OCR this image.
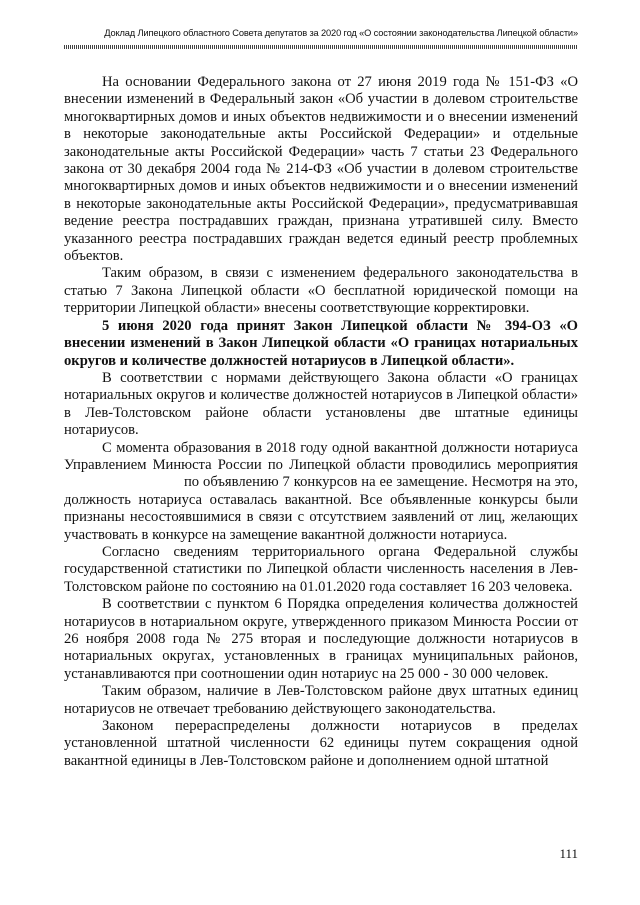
Доклад Липецкого областного Совета депутатов за 2020 год «О состоянии законодательства Липецкой области»

На основании Федерального закона от 27 июня 2019 года № 151-ФЗ «О внесении изменений в Федеральный закон «Об участии в долевом строительстве многоквартирных домов и иных объектов недвижимости и о внесении изменений в некоторые законодательные акты Российской Федерации» и отдельные законодательные акты Российской Федерации» часть 7 статьи 23 Федерального закона от 30 декабря 2004 года № 214-ФЗ «Об участии в долевом строительстве многоквартирных домов и иных объектов недвижимости и о внесении изменений в некоторые законодательные акты Российской Федерации», предусматривавшая ведение реестра пострадавших граждан, признана утратившей силу. Вместо указанного реестра пострадавших граждан ведется единый реестр проблемных объектов.

Таким образом, в связи с изменением федерального законодательства в статью 7 Закона Липецкой области «О бесплатной юридической помощи на территории Липецкой области» внесены соответствующие корректировки.

5 июня 2020 года принят Закон Липецкой области № 394-ОЗ «О внесении изменений в Закон Липецкой области «О границах нотариальных округов и количестве должностей нотариусов в Липецкой области».

В соответствии с нормами действующего Закона области «О границах нотариальных округов и количестве должностей нотариусов в Липецкой области» в Лев-Толстовском районе области установлены две штатные единицы нотариусов.

С момента образования в 2018 году одной вакантной должности нотариуса Управлением Минюста России по Липецкой области проводились мероприятияпо объявлению 7 конкурсов на ее замещение. Несмотря на это, должность нотариуса оставалась вакантной. Все объявленные конкурсы были признаны несостоявшимися в связи с отсутствием заявлений от лиц, желающих участвовать в конкурсе на замещение вакантной должности нотариуса.

Согласно сведениям территориального органа Федеральной службы государственной статистики по Липецкой области численность населения в Лев-Толстовском районе по состоянию на 01.01.2020 года составляет 16 203 человека.

В соответствии с пунктом 6 Порядка определения количества должностей нотариусов в нотариальном округе, утвержденного приказом Минюста России от 26 ноября 2008 года № 275 вторая и последующие должности нотариусов в нотариальных округах, установленных в границах муниципальных районов, устанавливаются при соотношении один нотариус на 25 000 - 30 000 человек.

Таким образом, наличие в Лев-Толстовском районе двух штатных единиц нотариусов не отвечает требованию действующего законодательства.

Законом перераспределены должности нотариусов в пределах установленной штатной численности 62 единицы путем сокращения одной вакантной единицы в Лев-Толстовском районе и дополнением одной штатной

111
